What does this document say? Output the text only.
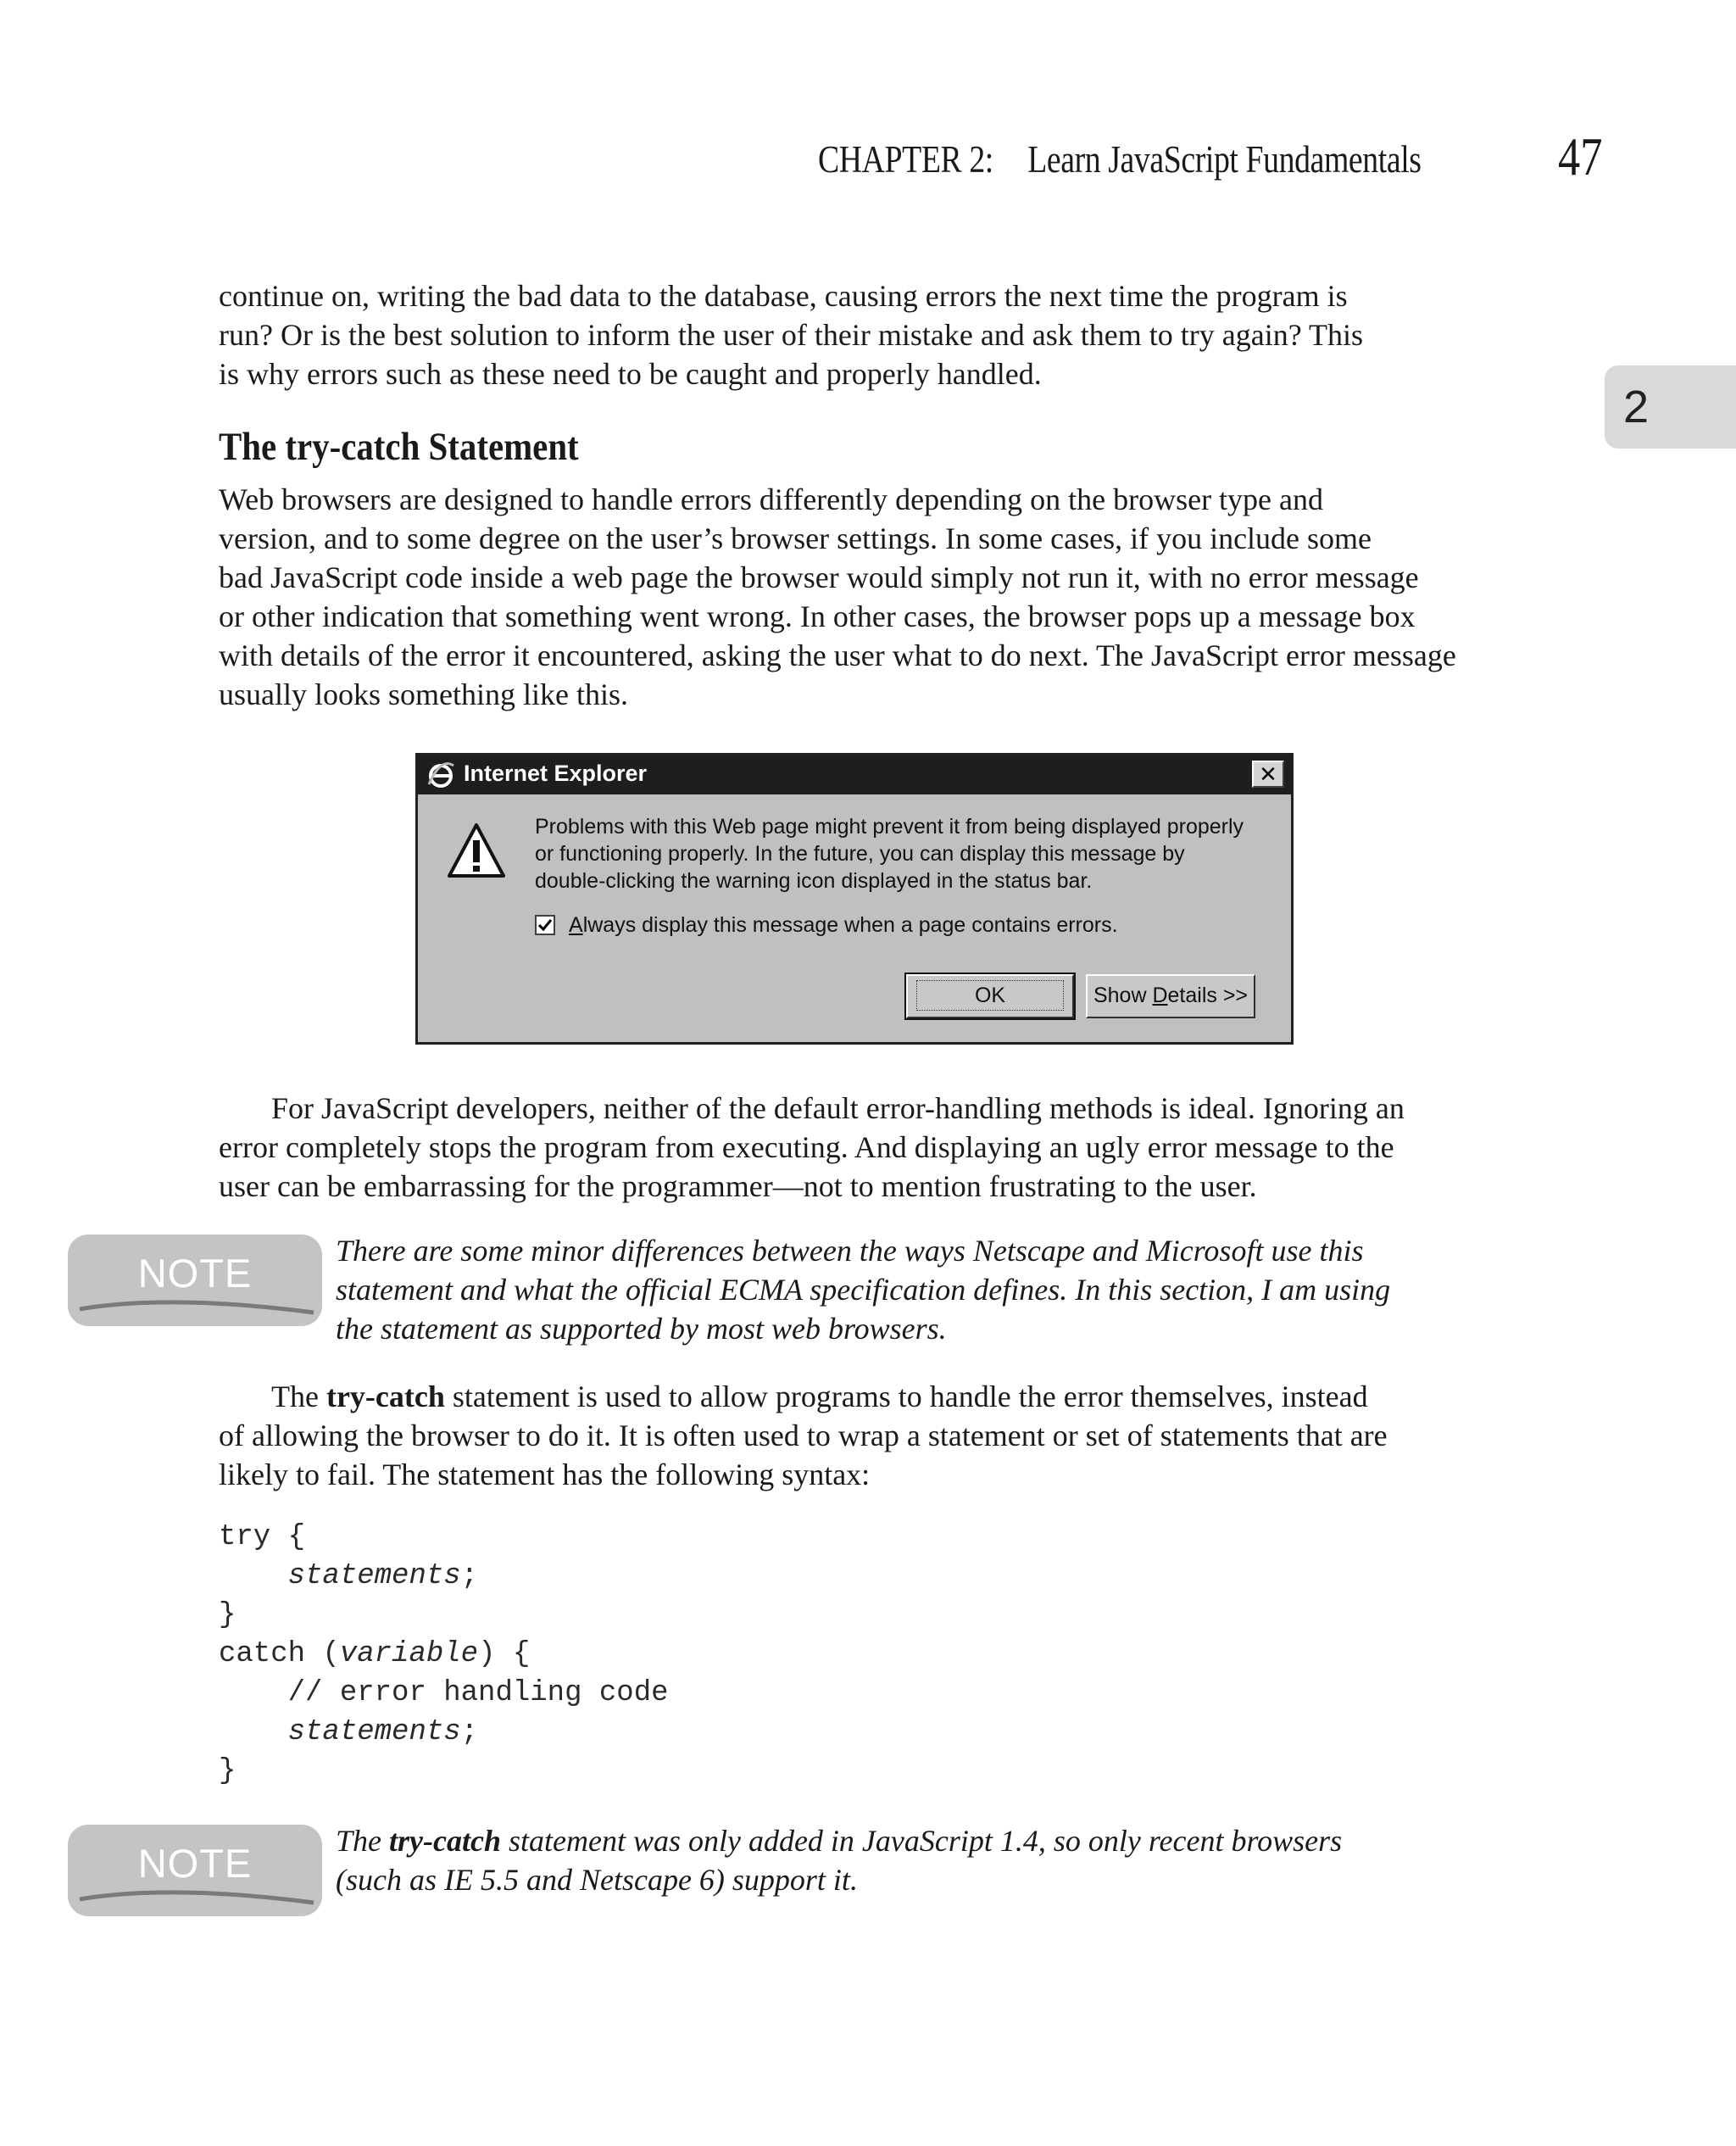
CHAPTER 2: Learn JavaScript Fundamentals	47
2
continue on, writing the bad data to the database, causing errors the next time the program is
run? Or is the best solution to inform the user of their mistake and ask them to try again? This
is why errors such as these need to be caught and properly handled.
The try-catch Statement
Web browsers are designed to handle errors differently depending on the browser type and
version, and to some degree on the user’s browser settings. In some cases, if you include some
bad JavaScript code inside a web page the browser would simply not run it, with no error message
or other indication that something went wrong. In other cases, the browser pops up a message box
with details of the error it encountered, asking the user what to do next. The JavaScript error message
usually looks something like this.
Internet Explorer	✕
Problems with this Web page might prevent it from being displayed properly
or functioning properly. In the future, you can display this message by
double-clicking the warning icon displayed in the status bar.
Always display this message when a page contains errors.
OK	Show Details >>
For JavaScript developers, neither of the default error-handling methods is ideal. Ignoring an
error completely stops the program from executing. And displaying an ugly error message to the
user can be embarrassing for the programmer—not to mention frustrating to the user.
NOTE	There are some minor differences between the ways Netscape and Microsoft use this
statement and what the official ECMA specification defines. In this section, I am using
the statement as supported by most web browsers.
The try-catch statement is used to allow programs to handle the error themselves, instead
of allowing the browser to do it. It is often used to wrap a statement or set of statements that are
likely to fail. The statement has the following syntax:
try {
statements;
}
catch (variable) {
// error handling code
statements;
}
NOTE	The try-catch statement was only added in JavaScript 1.4, so only recent browsers
(such as IE 5.5 and Netscape 6) support it.
